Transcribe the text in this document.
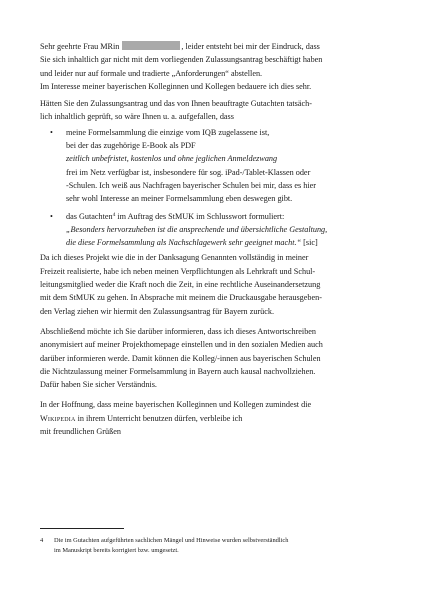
Sehr geehrte Frau MRin	, leider entsteht bei mir der Eindruck, dass

Sie sich inhaltlich gar nicht mit dem vorliegenden Zulassungsantrag beschäftigt haben

und leider nur auf formale und tradierte „Anforderungen“ abstellen.

Im Interesse meiner bayerischen Kolleginnen und Kollegen bedauere ich dies sehr.

Hätten Sie den Zulassungsantrag und das von Ihnen beauftragte Gutachten tatsäch-

lich inhaltlich geprüft, so wäre Ihnen u. a. aufgefallen, dass

• meine Formelsammlung die einzige vom IQB zugelassene ist,

bei der das zugehörige E-Book als PDF

zeitlich unbefristet, kostenlos und ohne jeglichen Anmeldezwang

frei im Netz verfügbar ist, insbesondere für sog. iPad-/Tablet-Klassen oder

-Schulen. Ich weiß aus Nachfragen bayerischer Schulen bei mir, dass es hier

sehr wohl Interesse an meiner Formelsammlung eben deswegen gibt.

• das Gutachten$^4$ im Auftrag des StMUK im Schlusswort formuliert:

„Besonders hervorzuheben ist die ansprechende und übersichtliche Gestaltung,

die diese Formelsammlung als Nachschlagewerk sehr geeignet macht.“ [sic]

Da ich dieses Projekt wie die in der Danksagung Genannten vollständig in meiner

Freizeit realisierte, habe ich neben meinen Verpflichtungen als Lehrkraft und Schul-

leitungsmitglied weder die Kraft noch die Zeit, in eine rechtliche Auseinandersetzung

mit dem StMUK zu gehen. In Absprache mit meinem die Druckausgabe herausgeben-

den Verlag ziehen wir hiermit den Zulassungsantrag für Bayern zurück.

Abschließend möchte ich Sie darüber informieren, dass ich dieses Antwortschreiben

anonymisiert auf meiner Projekthomepage einstellen und in den sozialen Medien auch

darüber informieren werde. Damit können die Kolleg/-innen aus bayerischen Schulen

die Nichtzulassung meiner Formelsammlung in Bayern auch kausal nachvollziehen.

Dafür haben Sie sicher Verständnis.

In der Hoffnung, dass meine bayerischen Kolleginnen und Kollegen zumindest die

Wikipedia in ihrem Unterricht benutzen dürfen, verbleibe ich

mit freundlichen Grüßen

4 Die im Gutachten aufgeführten sachlichen Mängel und Hinweise wurden selbstverständlich

im Manuskript bereits korrigiert bzw. umgesetzt.
